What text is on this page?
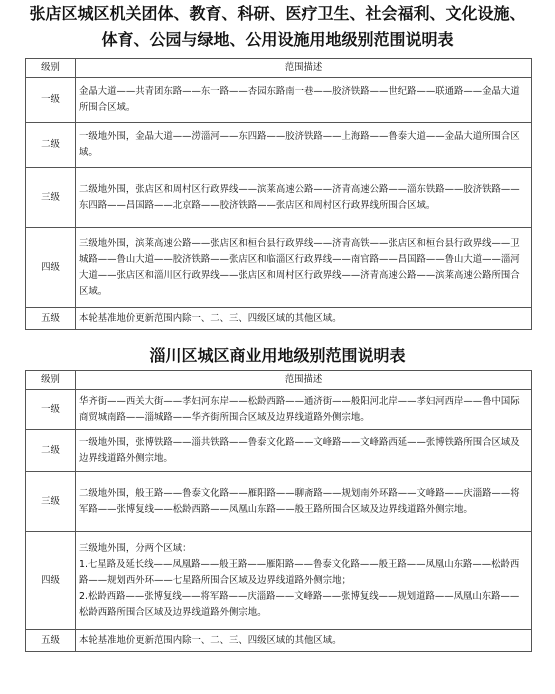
张店区城区机关团体、教育、科研、医疗卫生、社会福利、文化设施、
体育、公园与绿地、公用设施用地级别范围说明表
级别	范围描述
一级	金晶大道——共青团东路——东一路——杏园东路南一巷——胶济铁路——世纪路——联通路——金晶大道所围合区域。
二级	一级地外围，金晶大道——涝淄河——东四路——胶济铁路——上海路——鲁泰大道——金晶大道所围合区域。
三级	二级地外围，张店区和周村区行政界线——滨莱高速公路——济青高速公路——淄东铁路——胶济铁路——东四路——昌国路——北京路——胶济铁路——张店区和周村区行政界线所围合区域。
四级	三级地外围，滨莱高速公路——张店区和桓台县行政界线——济青高铁——张店区和桓台县行政界线——卫城路——鲁山大道——胶济铁路——张店区和临淄区行政界线——南官路——昌国路——鲁山大道——淄河大道——张店区和淄川区行政界线——张店区和周村区行政界线——济青高速公路——滨莱高速公路所围合区域。
五级	本轮基准地价更新范围内除一、二、三、四级区域的其他区域。
淄川区城区商业用地级别范围说明表
级别	范围描述
一级	华齐街——西关大街——孝妇河东岸——松龄西路——通济街——般阳河北岸——孝妇河西岸——鲁中国际商贸城南路——淄城路——华齐街所围合区域及边界线道路外侧宗地。

二级	一级地外围，张博铁路——淄共铁路——鲁泰文化路——文峰路——文峰路西延——张博铁路所围合区域及边界线道路外侧宗地。

三级	二级地外围，般王路——鲁泰文化路——雁阳路——聊斋路——规划南外环路——文峰路——庆淄路——将军路——张博复线——松龄西路——凤凰山东路——般王路所围合区域及边界线道路外侧宗地。

四级	三级地外围，分两个区域：
1.七星路及延长线——凤凰路——般王路——雁阳路——鲁泰文化路——般王路——凤凰山东路——松龄西路——规划西外环——七星路所围合区域及边界线道路外侧宗地；
2.松龄西路——张博复线——将军路——庆淄路——文峰路——张博复线——规划道路——凤凰山东路——松龄西路所围合区域及边界线道路外侧宗地。

五级	本轮基准地价更新范围内除一、二、三、四级区域的其他区域。
